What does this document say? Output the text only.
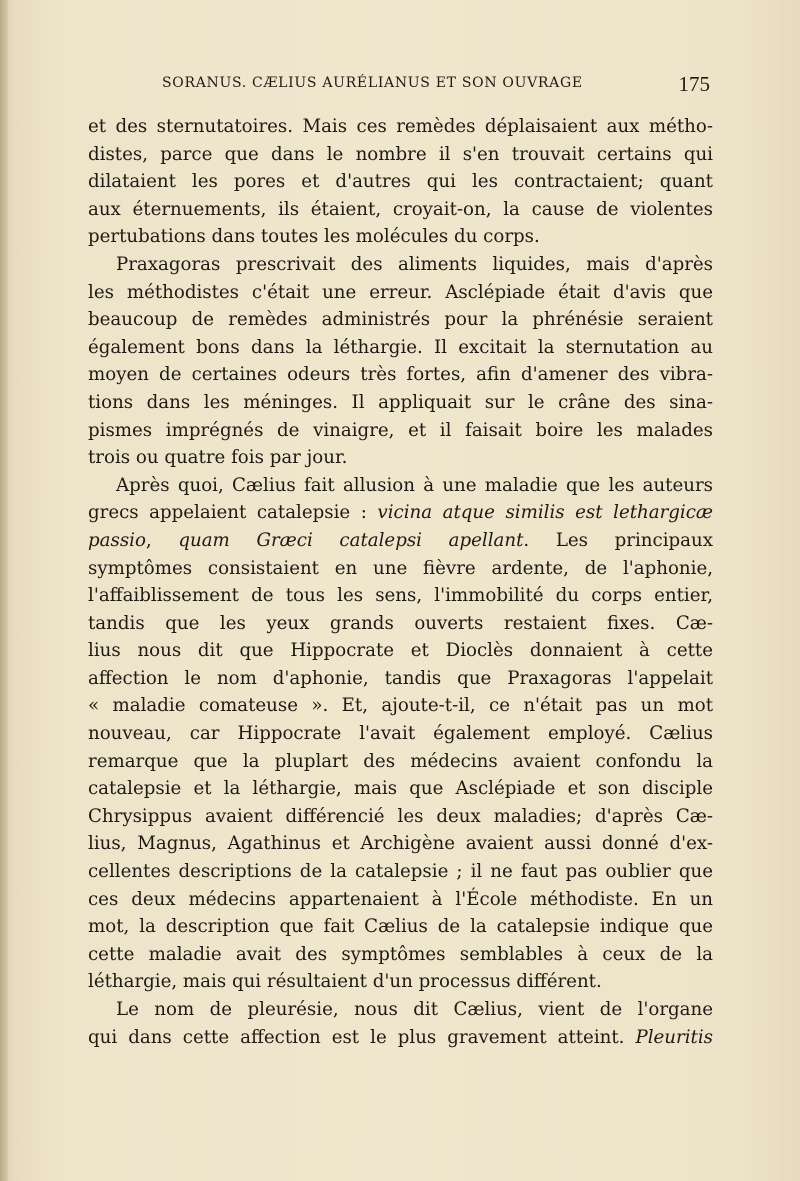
SORANUS. CÆLIUS AURÉLIANUS ET SON OUVRAGE	175
et des sternutatoires. Mais ces remèdes déplaisaient aux métho-
distes, parce que dans le nombre il s'en trouvait certains qui
dilataient les pores et d'autres qui les contractaient; quant
aux éternuements, ils étaient, croyait-on, la cause de violentes
pertubations dans toutes les molécules du corps.
Praxagoras prescrivait des aliments liquides, mais d'après
les méthodistes c'était une erreur. Asclépiade était d'avis que
beaucoup de remèdes administrés pour la phrénésie seraient
également bons dans la léthargie. Il excitait la sternutation au
moyen de certaines odeurs très fortes, afin d'amener des vibra-
tions dans les méninges. Il appliquait sur le crâne des sina-
pismes imprégnés de vinaigre, et il faisait boire les malades
trois ou quatre fois par jour.
Après quoi, Cælius fait allusion à une maladie que les auteurs
grecs appelaient catalepsie : vicina atque similis est lethargicæ
passio, quam Græci catalepsi apellant. Les principaux
symptômes consistaient en une fièvre ardente, de l'aphonie,
l'affaiblissement de tous les sens, l'immobilité du corps entier,
tandis que les yeux grands ouverts restaient fixes. Cæ-
lius nous dit que Hippocrate et Dioclès donnaient à cette
affection le nom d'aphonie, tandis que Praxagoras l'appelait
« maladie comateuse ». Et, ajoute-t-il, ce n'était pas un mot
nouveau, car Hippocrate l'avait également employé. Cælius
remarque que la pluplart des médecins avaient confondu la
catalepsie et la léthargie, mais que Asclépiade et son disciple
Chrysippus avaient différencié les deux maladies; d'après Cæ-
lius, Magnus, Agathinus et Archigène avaient aussi donné d'ex-
cellentes descriptions de la catalepsie ; il ne faut pas oublier que
ces deux médecins appartenaient à l'École méthodiste. En un
mot, la description que fait Cælius de la catalepsie indique que
cette maladie avait des symptômes semblables à ceux de la
léthargie, mais qui résultaient d'un processus différent.
Le nom de pleurésie, nous dit Cælius, vient de l'organe
qui dans cette affection est le plus gravement atteint. Pleuritis
